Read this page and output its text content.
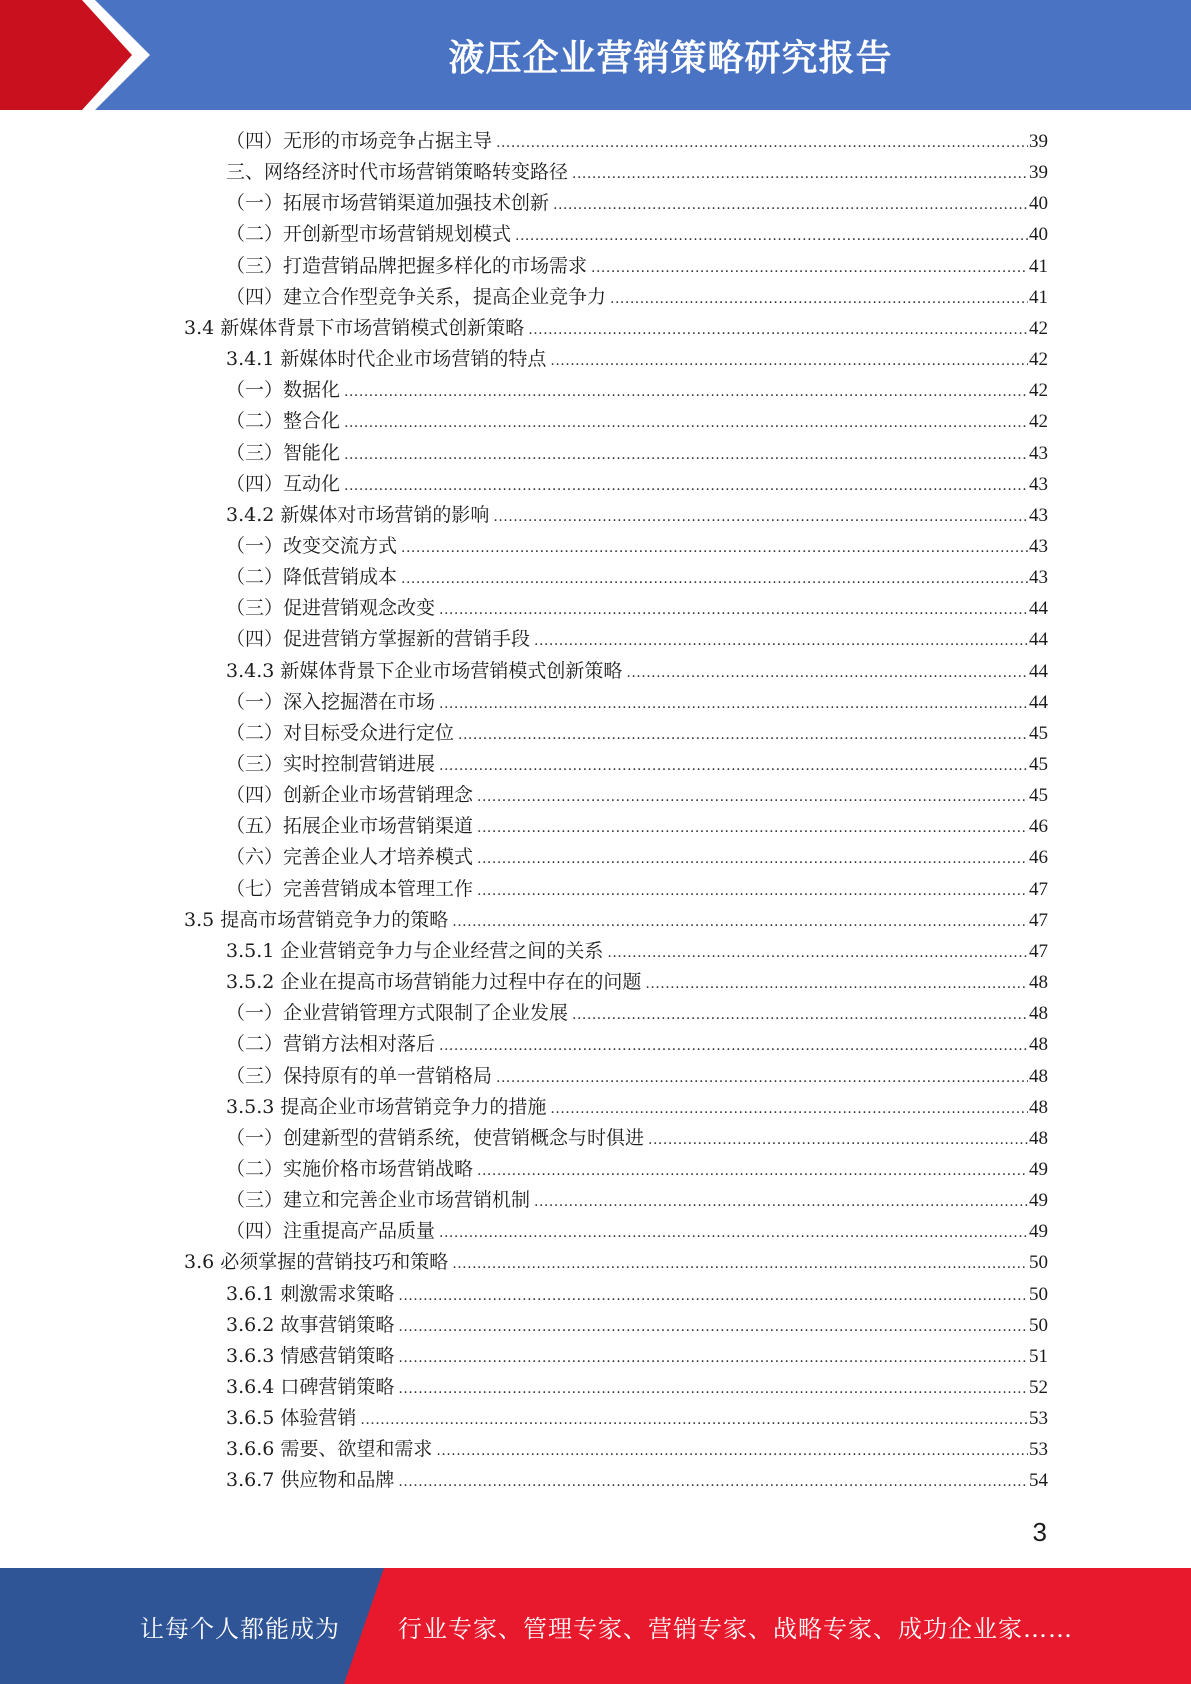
液压企业营销策略研究报告
（四）无形的市场竞争占据主导 .....	39
三、网络经济时代市场营销策略转变路径 .....	39
（一）拓展市场营销渠道加强技术创新 .....	40
（二）开创新型市场营销规划模式 .....	40
（三）打造营销品牌把握多样化的市场需求 .....	41
（四）建立合作型竞争关系，提高企业竞争力 .....	41
3.4 新媒体背景下市场营销模式创新策略 .....	42
3.4.1 新媒体时代企业市场营销的特点 .....	42
（一）数据化 .....	42
（二）整合化 .....	42
（三）智能化 .....	43
（四）互动化 .....	43
3.4.2 新媒体对市场营销的影响 .....	43
（一）改变交流方式 .....	43
（二）降低营销成本 .....	43
（三）促进营销观念改变 .....	44
（四）促进营销方掌握新的营销手段 .....	44
3.4.3 新媒体背景下企业市场营销模式创新策略 .....	44
（一）深入挖掘潜在市场 .....	44
（二）对目标受众进行定位 .....	45
（三）实时控制营销进展 .....	45
（四）创新企业市场营销理念 .....	45
（五）拓展企业市场营销渠道 .....	46
（六）完善企业人才培养模式 .....	46
（七）完善营销成本管理工作 .....	47
3.5 提高市场营销竞争力的策略 .....	47
3.5.1 企业营销竞争力与企业经营之间的关系 .....	47
3.5.2 企业在提高市场营销能力过程中存在的问题 .....	48
（一）企业营销管理方式限制了企业发展 .....	48
（二）营销方法相对落后 .....	48
（三）保持原有的单一营销格局 .....	48
3.5.3 提高企业市场营销竞争力的措施 .....	48
（一）创建新型的营销系统，使营销概念与时俱进 .....	48
（二）实施价格市场营销战略 .....	49
（三）建立和完善企业市场营销机制 .....	49
（四）注重提高产品质量 .....	49
3.6 必须掌握的营销技巧和策略 .....	50
3.6.1 刺激需求策略 .....	50
3.6.2 故事营销策略 .....	50
3.6.3 情感营销策略 .....	51
3.6.4 口碑营销策略 .....	52
3.6.5 体验营销 .....	53
3.6.6 需要、欲望和需求 .....	53
3.6.7 供应物和品牌 .....	54
3
让每个人都能成为 行业专家、管理专家、营销专家、战略专家、成功企业家……
